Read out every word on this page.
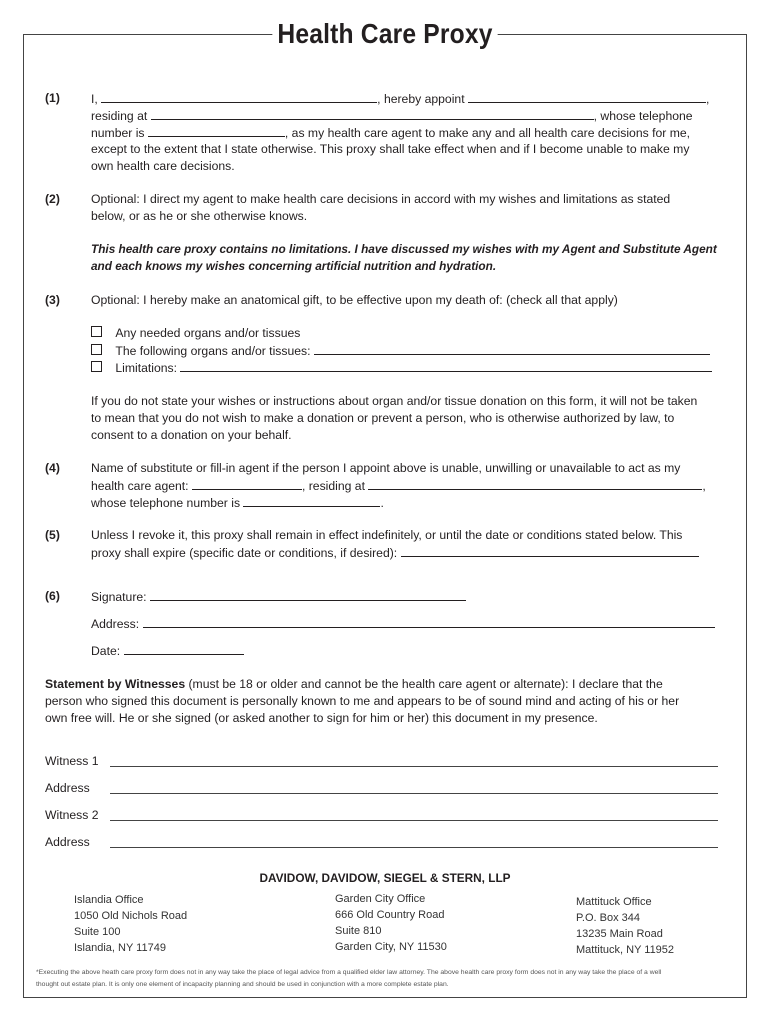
Health Care Proxy
(1)	I,	, hereby appoint	,
residing at	, whose telephone
number is	, as my health care agent to make any and all health care decisions for me,
except to the extent that I state otherwise. This proxy shall take effect when and if I become unable to make my
own health care decisions.
(2)	Optional: I direct my agent to make health care decisions in accord with my wishes and limitations as stated
below, or as he or she otherwise knows.
This health care proxy contains no limitations. I have discussed my wishes with my Agent and Substitute Agent
and each knows my wishes concerning artificial nutrition and hydration.
(3)	Optional: I hereby make an anatomical gift, to be effective upon my death of: (check all that apply)
Any needed organs and/or tissues
The following organs and/or tissues:
Limitations:
If you do not state your wishes or instructions about organ and/or tissue donation on this form, it will not be taken
to mean that you do not wish to make a donation or prevent a person, who is otherwise authorized by law, to
consent to a donation on your behalf.
(4)	Name of substitute or fill-in agent if the person I appoint above is unable, unwilling or unavailable to act as my
health care agent:	, residing at	,
whose telephone number is	.
(5)	Unless I revoke it, this proxy shall remain in effect indefinitely, or until the date or conditions stated below. This
proxy shall expire (specific date or conditions, if desired):
(6)	Signature:
Address:
Date:
Statement by Witnesses (must be 18 or older and cannot be the health care agent or alternate): I declare that the
person who signed this document is personally known to me and appears to be of sound mind and acting of his or her
own free will. He or she signed (or asked another to sign for him or her) this document in my presence.
Witness 1
Address
Witness 2
Address
DAVIDOW, DAVIDOW, SIEGEL & STERN, LLP
Islandia Office
1050 Old Nichols Road
Suite 100
Islandia, NY 11749
Garden City Office
666 Old Country Road
Suite 810
Garden City, NY 11530
Mattituck Office
P.O. Box 344
13235 Main Road
Mattituck, NY 11952
*Executing the above heath care proxy form does not in any way take the place of legal advice from a qualified elder law attorney. The above health care proxy form does not in any way take the place of a well
thought out estate plan. It is only one element of incapacity planning and should be used in conjunction with a more complete estate plan.
